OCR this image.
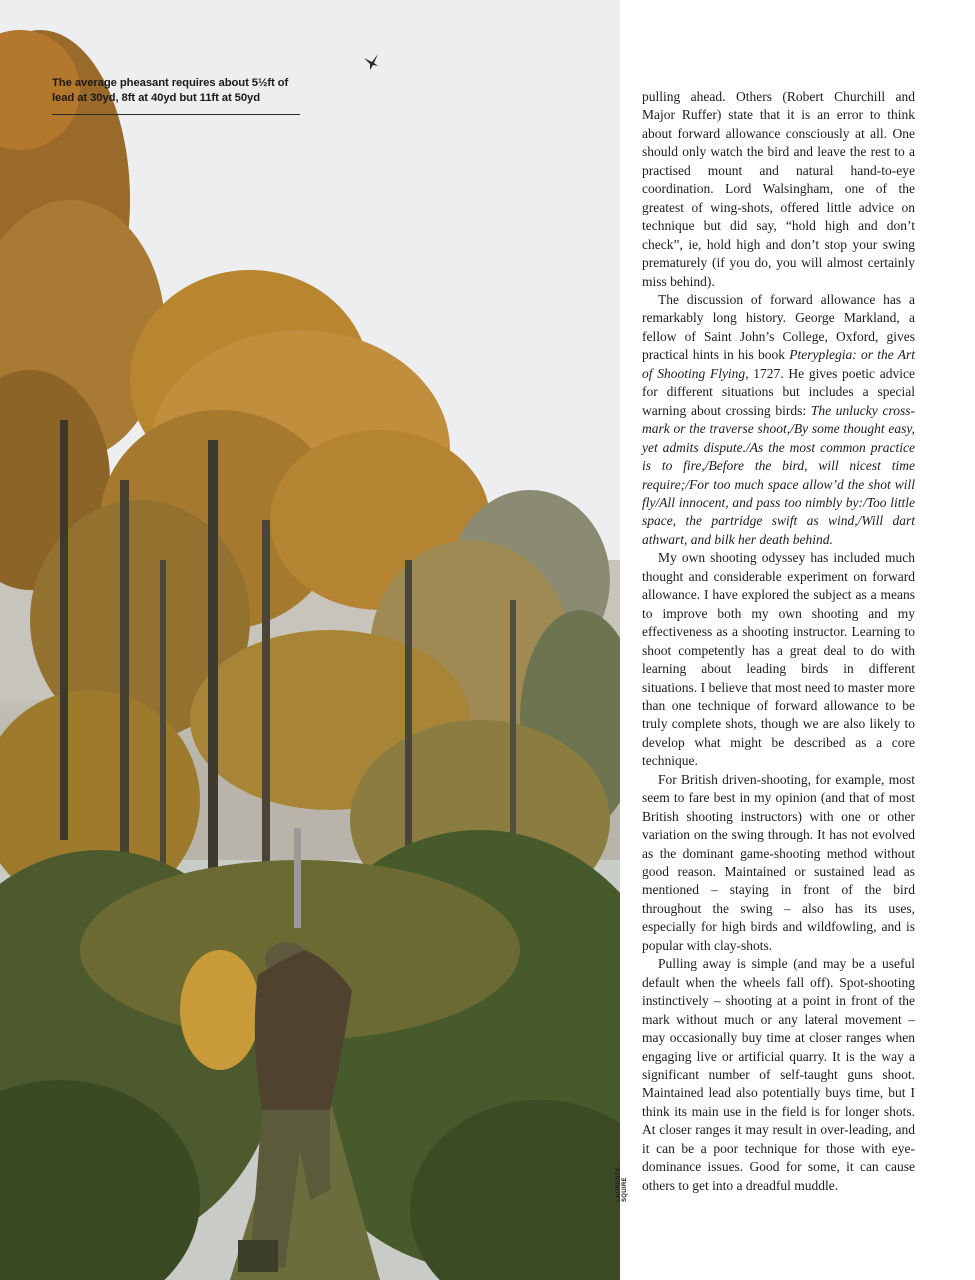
The average pheasant requires about 5½ft of lead at 30yd, 8ft at 40yd but 11ft at 50yd
LAURENCE SQUIRE

pulling ahead. Others (Robert Churchill and Major Ruffer) state that it is an error to think about forward allowance consciously at all. One should only watch the bird and leave the rest to a practised mount and natural hand-to-eye coordination. Lord Walsingham, one of the greatest of wing-shots, offered little advice on technique but did say, “hold high and don’t check”, ie, hold high and don’t stop your swing prematurely (if you do, you will almost certainly miss behind).

The discussion of forward allowance has a remarkably long history. George Markland, a fellow of Saint John’s College, Oxford, gives practical hints in his book Pteryplegia: or the Art of Shooting Flying, 1727. He gives poetic advice for different situations but includes a special warning about crossing birds: The unlucky cross-mark or the traverse shoot,/By some thought easy, yet admits dispute./As the most common practice is to fire,/Before the bird, will nicest time require;/For too much space allow’d the shot will fly/All innocent, and pass too nimbly by:/Too little space, the partridge swift as wind,/Will dart athwart, and bilk her death behind.

My own shooting odyssey has included much thought and considerable experiment on forward allowance. I have explored the subject as a means to improve both my own shooting and my effectiveness as a shooting instructor. Learning to shoot competently has a great deal to do with learning about leading birds in different situations. I believe that most need to master more than one technique of forward allowance to be truly complete shots, though we are also likely to develop what might be described as a core technique.

For British driven-shooting, for example, most seem to fare best in my opinion (and that of most British shooting instructors) with one or other variation on the swing through. It has not evolved as the dominant game-shooting method without good reason. Maintained or sustained lead as mentioned – staying in front of the bird throughout the swing – also has its uses, especially for high birds and wildfowling, and is popular with clay-shots.

Pulling away is simple (and may be a useful default when the wheels fall off). Spot-shooting instinctively – shooting at a point in front of the mark without much or any lateral movement – may occasionally buy time at closer ranges when engaging live or artificial quarry. It is the way a significant number of self-taught guns shoot. Maintained lead also potentially buys time, but I think its main use in the field is for longer shots. At closer ranges it may result in over-leading, and it can be a poor technique for those with eye-dominance issues. Good for some, it can cause others to get into a dreadful muddle.
